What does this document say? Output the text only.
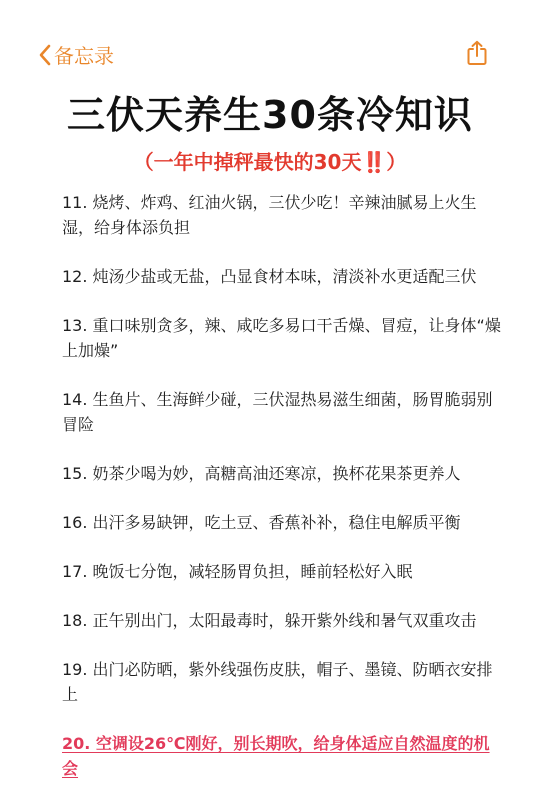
备忘录
三伏天养生30条冷知识
（一年中掉秤最快的30天‼️）
11. 烧烤、炸鸡、红油火锅，三伏少吃！辛辣油腻易上火生湿，给身体添负担
12. 炖汤少盐或无盐，凸显食材本味，清淡补水更适配三伏
13. 重口味别贪多，辣、咸吃多易口干舌燥、冒痘，让身体“燥上加燥”
14. 生鱼片、生海鲜少碰，三伏湿热易滋生细菌，肠胃脆弱别冒险
15. 奶茶少喝为妙，高糖高油还寒凉，换杯花果茶更养人
16. 出汗多易缺钾，吃土豆、香蕉补补，稳住电解质平衡
17. 晚饭七分饱，减轻肠胃负担，睡前轻松好入眠
18. 正午别出门，太阳最毒时，躲开紫外线和暑气双重攻击
19. 出门必防晒，紫外线强伤皮肤，帽子、墨镜、防晒衣安排上
20. 空调设26℃刚好，别长期吹，给身体适应自然温度的机会
